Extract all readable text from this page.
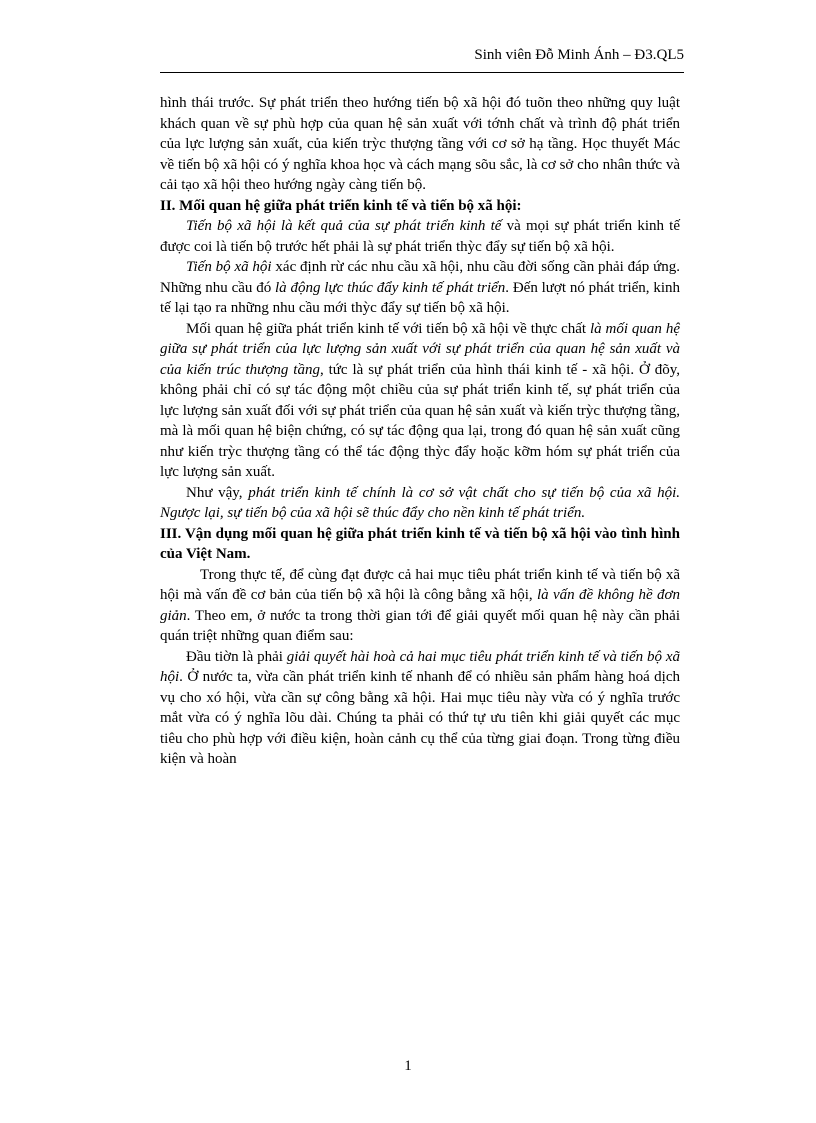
Sinh viên Đỗ Minh Ánh – Đ3.QL5

hình thái trước. Sự phát triển theo hướng tiến bộ xã hội đó tuõn theo những quy luật khách quan về sự phù hợp của quan hệ sản xuất với tớnh chất và trình độ phát triển của lực lượng sản xuất, của kiến trỳc thượng tầng với cơ sở hạ tầng. Học thuyết Mác về tiến bộ xã hội có ý nghĩa khoa học và cách mạng sõu sắc, là cơ sở cho nhân thức và cải tạo xã hội theo hướng ngày càng tiến bộ.

II. Mối quan hệ giữa phát triển kinh tế và tiến bộ xã hội:

Tiến bộ xã hội là kết quả của sự phát triển kinh tế và mọi sự phát triển kinh tế được coi là tiến bộ trước hết phải là sự phát triển thỳc đẩy sự tiến bộ xã hội.

Tiến bộ xã hội xác định rừ các nhu cầu xã hội, nhu cầu đời sống cần phải đáp ứng. Những nhu cầu đó là động lực thúc đẩy kinh tế phát triển. Đến lượt nó phát triển, kinh tế lại tạo ra những nhu cầu mới thỳc đẩy sự tiến bộ xã hội.

Mối quan hệ giữa phát triển kinh tế với tiến bộ xã hội về thực chất là mối quan hệ giữa sự phát triển của lực lượng sản xuất với sự phát triển của quan hệ sản xuất và của kiến trúc thượng tầng, tức là sự phát triển của hình thái kinh tế - xã hội. Ở đõy, không phải chỉ có sự tác động một chiều của sự phát triển kinh tế, sự phát triển của lực lượng sản xuất đối với sự phát triển của quan hệ sản xuất và kiến trỳc thượng tầng, mà là mối quan hệ biện chứng, có sự tác động qua lại, trong đó quan hệ sản xuất cũng như kiến trỳc thượng tầng có thể tác động thỳc đẩy hoặc kỡm hóm sự phát triển của lực lượng sản xuất.

Như vậy, phát triển kinh tế chính là cơ sở vật chất cho sự tiến bộ của xã hội. Ngược lại, sự tiến bộ của xã hội sẽ thúc đẩy cho nền kinh tế phát triển.

III. Vận dụng mối quan hệ giữa phát triển kinh tế và tiến bộ xã hội vào tình hình của Việt Nam.

Trong thực tế, để cùng đạt được cả hai mục tiêu phát triển kinh tế và tiến bộ xã hội mà vấn đề cơ bản của tiến bộ xã hội là công bằng xã hội, là vấn đề không hề đơn giản. Theo em, ở nước ta trong thời gian tới để giải quyết mối quan hệ này cần phải quán triệt những quan điểm sau:

Đầu tiờn là phải giải quyết hài hoà cả hai mục tiêu phát triển kinh tế và tiến bộ xã hội. Ở nước ta, vừa cần phát triển kinh tế nhanh để có nhiều sản phẩm hàng hoá dịch vụ cho xó hội, vừa cần sự công bằng xã hội. Hai mục tiêu này vừa có ý nghĩa trước mắt vừa có ý nghĩa lõu dài. Chúng ta phải có thứ tự ưu tiên khi giải quyết các mục tiêu cho phù hợp với điều kiện, hoàn cảnh cụ thể của từng giai đoạn. Trong từng điều kiện và hoàn

1
